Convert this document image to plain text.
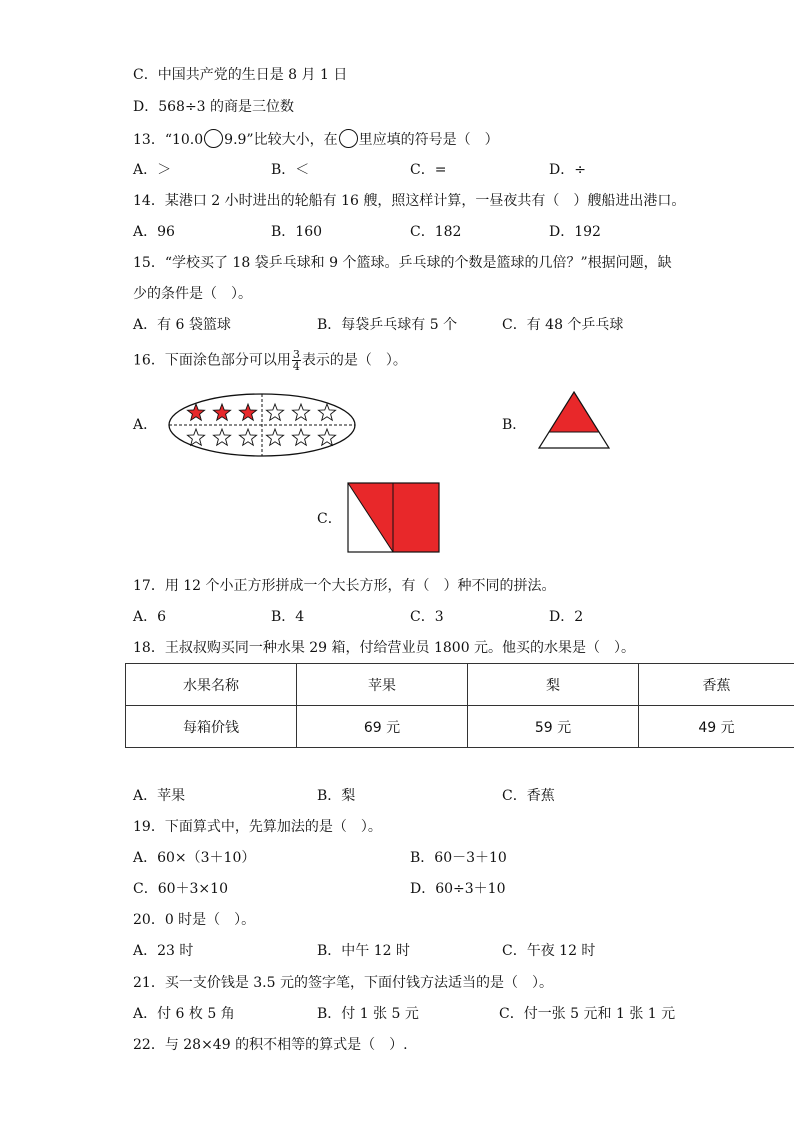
C．中国共产党的生日是 8 月 1 日
D．568÷3 的商是三位数
13．“10.0 9.9”比较大小，在 里应填的符号是（　）
A．＞	B．＜	C．=	D．÷
14．某港口 2 小时进出的轮船有 16 艘，照这样计算，一昼夜共有（　）艘船进出港口。
A．96	B．160	C．182	D．192
15．“学校买了 18 袋乒乓球和 9 个篮球。乒乓球的个数是篮球的几倍？”根据问题，缺
少的条件是（　）。
A．有 6 袋篮球	B．每袋乒乓球有 5 个	C．有 48 个乒乓球
16．下面涂色部分可以用 $\frac{3}{4}$ 表示的是（　）。
A．	B．
C．
17．用 12 个小正方形拼成一个大长方形，有（　）种不同的拼法。
A．6	B．4	C．3	D．2
18．王叔叔购买同一种水果 29 箱，付给营业员 1800 元。他买的水果是（　）。
水果名称	苹果	梨	香蕉
每箱价钱	69 元	59 元	49 元
A．苹果	B．梨	C．香蕉
19．下面算式中，先算加法的是（　）。
A．60×（3＋10）	B．60－3＋10
C．60＋3×10	D．60÷3＋10
20．0 时是（　）。
A．23 时	B．中午 12 时	C．午夜 12 时
21．买一支价钱是 3.5 元的签字笔，下面付钱方法适当的是（　）。
A．付 6 枚 5 角	B．付 1 张 5 元	C．付一张 5 元和 1 张 1 元
22．与 28×49 的积不相等的算式是（　）.
